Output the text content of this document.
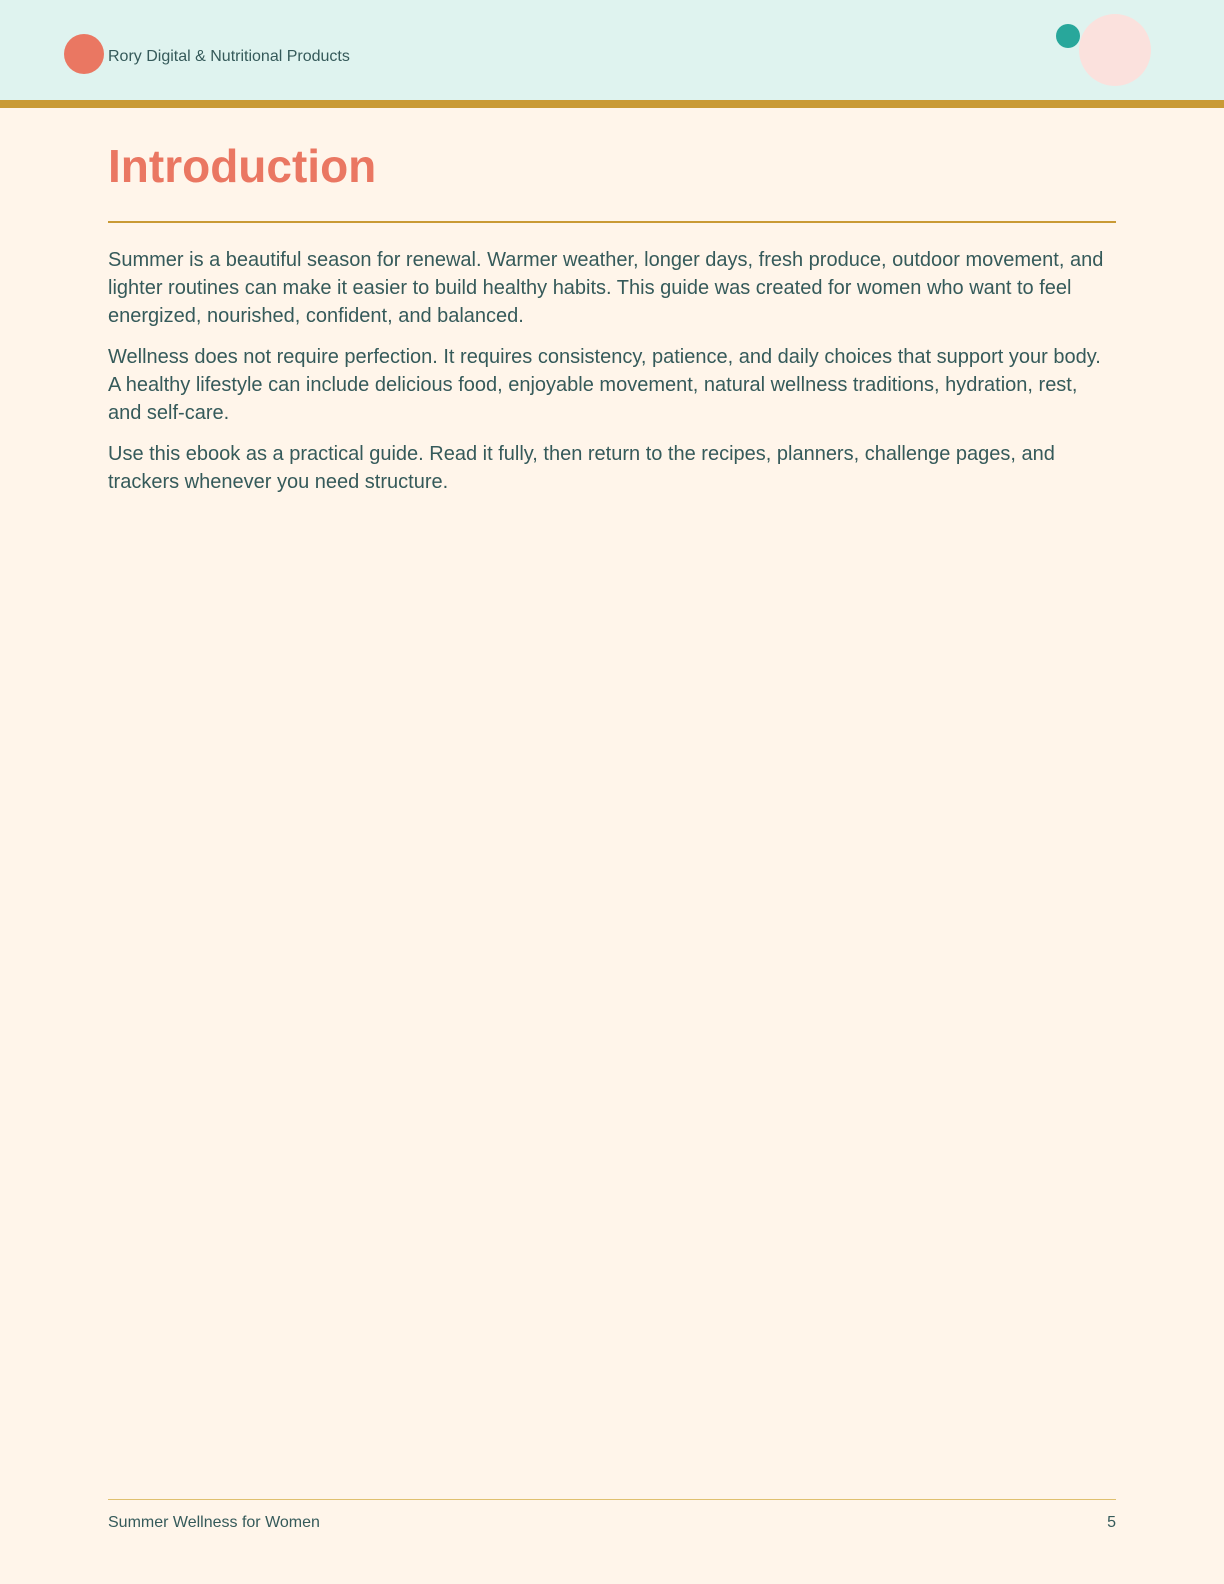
Rory Digital & Nutritional Products
Introduction

Summer is a beautiful season for renewal. Warmer weather, longer days, fresh produce, outdoor movement, and lighter routines can make it easier to build healthy habits. This guide was created for women who want to feel energized, nourished, confident, and balanced.

Wellness does not require perfection. It requires consistency, patience, and daily choices that support your body. A healthy lifestyle can include delicious food, enjoyable movement, natural wellness traditions, hydration, rest, and self-care.

Use this ebook as a practical guide. Read it fully, then return to the recipes, planners, challenge pages, and trackers whenever you need structure.

Summer Wellness for Women	5
